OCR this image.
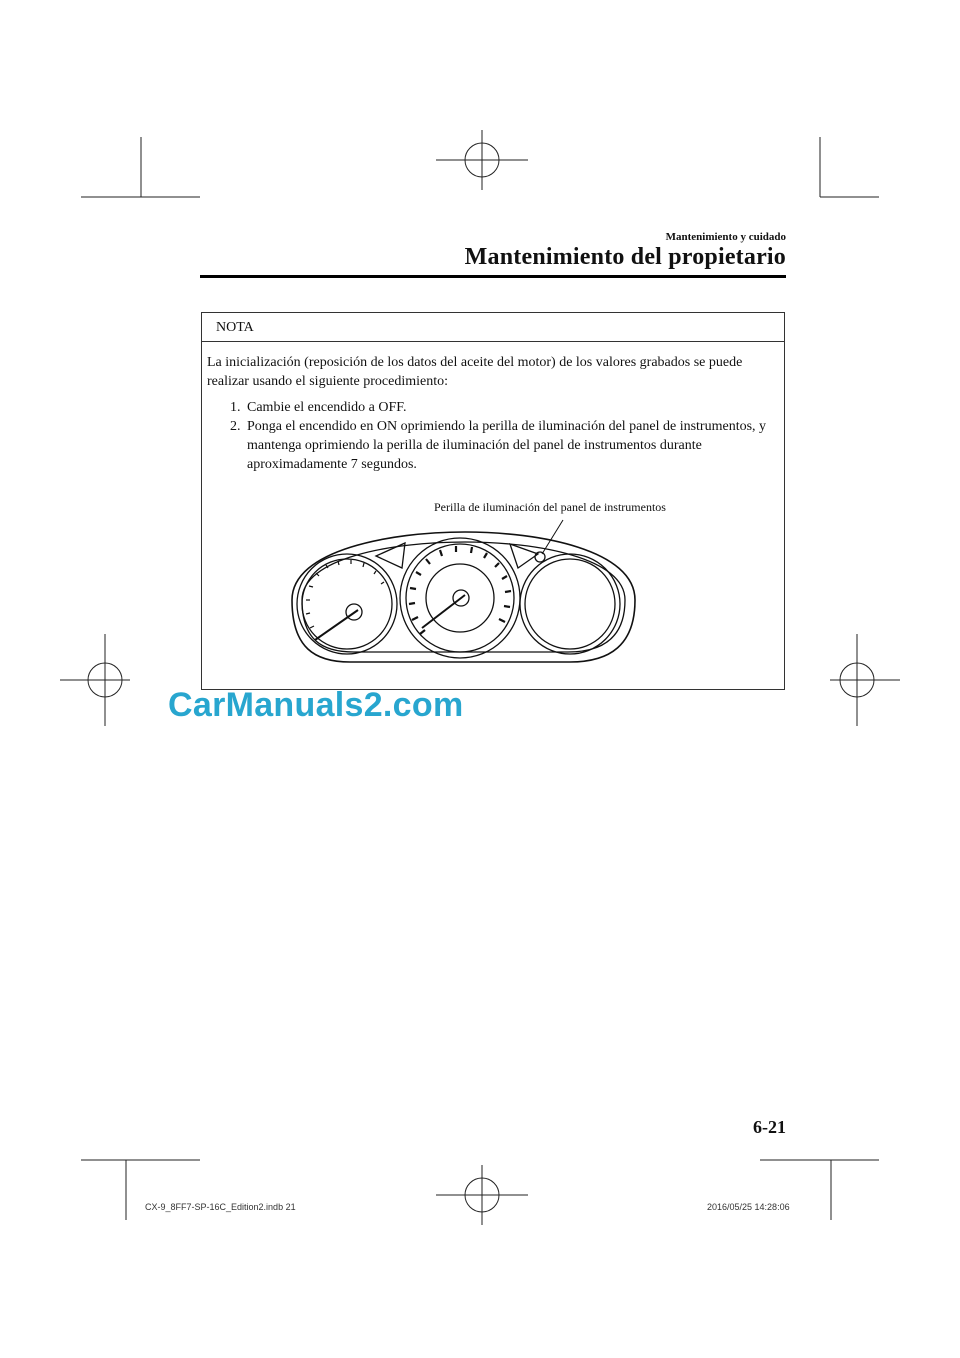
Mantenimiento y cuidado
Mantenimiento del propietario
NOTA
La inicialización (reposición de los datos del aceite del motor) de los valores grabados se puede realizar usando el siguiente procedimiento:
1. Cambie el encendido a OFF.
2. Ponga el encendido en ON oprimiendo la perilla de iluminación del panel de instrumentos, y mantenga oprimiendo la perilla de iluminación del panel de instrumentos durante aproximadamente 7 segundos.
Perilla de iluminación del panel de instrumentos
6-21
CX-9_8FF7-SP-16C_Edition2.indb 21	2016/05/25 14:28:06
CarManuals2.com
